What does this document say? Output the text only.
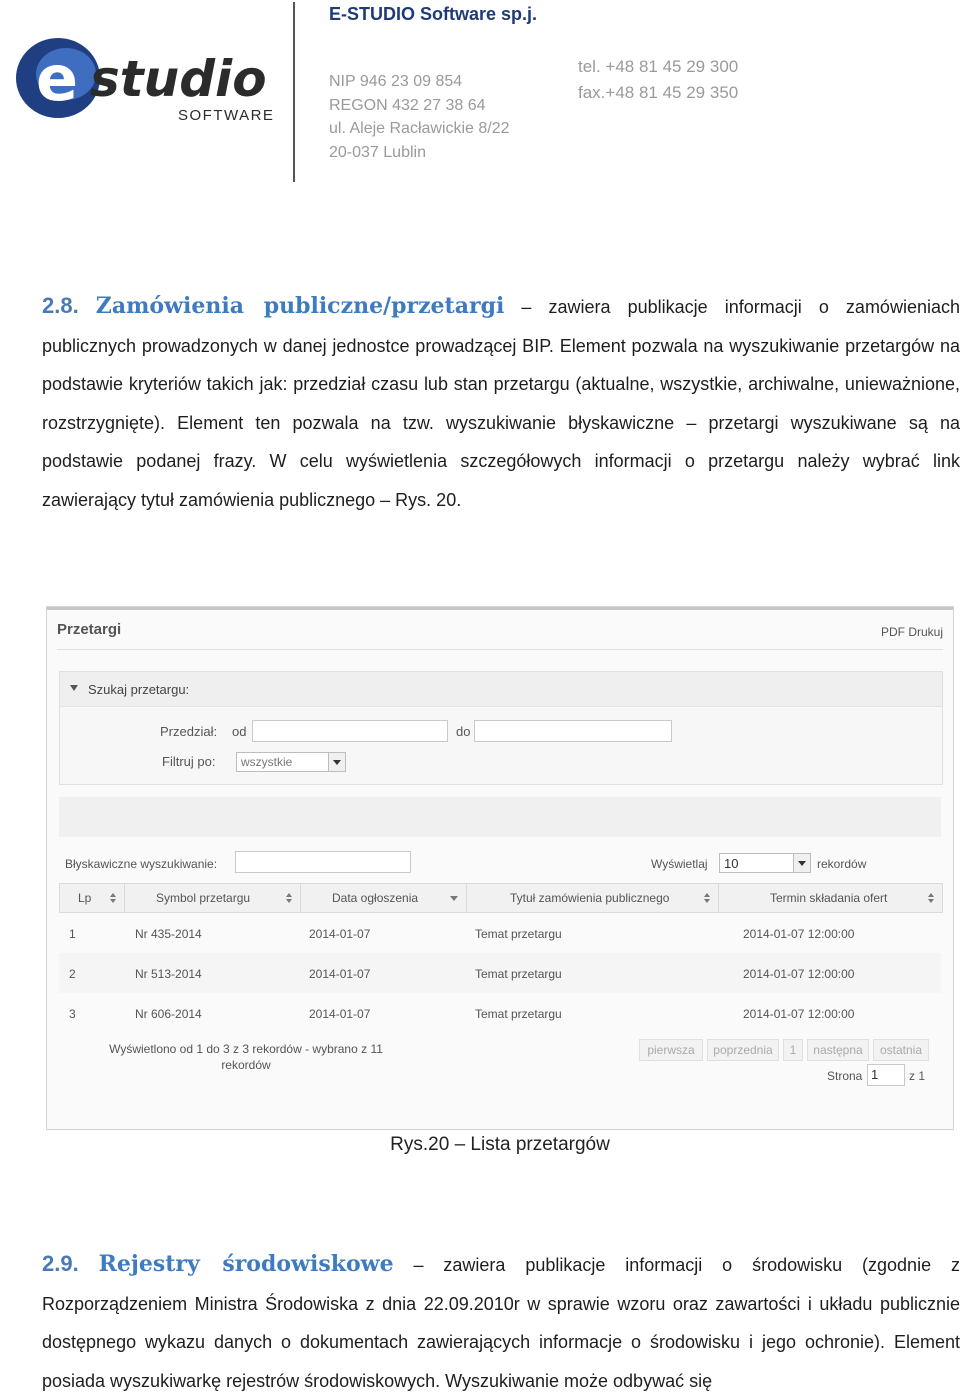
e studio
SOFTWARE
E-STUDIO Software sp.j.
NIP 946 23 09 854
REGON 432 27 38 64
ul. Aleje Racławickie 8/22
20-037 Lublin
tel. +48 81 45 29 300
fax.+48 81 45 29 350
2.8. Zamówienia publiczne/przetargi – zawiera publikacje informacji o zamówieniach publicznych prowadzonych w danej jednostce prowadzącej BIP. Element pozwala na wyszukiwanie przetargów na podstawie kryteriów takich jak: przedział czasu lub stan przetargu (aktualne, wszystkie, archiwalne, unieważnione, rozstrzygnięte). Element ten pozwala na tzw. wyszukiwanie błyskawiczne – przetargi wyszukiwane są na podstawie podanej frazy. W celu wyświetlenia szczegółowych informacji o przetargu należy wybrać link zawierający tytuł zamówienia publicznego – Rys. 20.
Przetargi	PDF Drukuj
Szukaj przetargu:
Przedział: od	do
Filtruj po: wszystkie
Błyskawiczne wyszukiwanie:	Wyświetlaj 10	rekordów
Lp	Symbol przetargu	Data ogłoszenia	Tytuł zamówienia publicznego	Termin składania ofert
1	Nr 435-2014	2014-01-07	Temat przetargu	2014-01-07 12:00:00
2	Nr 513-2014	2014-01-07	Temat przetargu	2014-01-07 12:00:00
3	Nr 606-2014	2014-01-07	Temat przetargu	2014-01-07 12:00:00
Wyświetlono od 1 do 3 z 3 rekordów - wybrano z 11 rekordów
pierwsza	poprzednia	1	następna	ostatnia
Strona 1	z 1
Rys.20 – Lista przetargów
2.9. Rejestry środowiskowe – zawiera publikacje informacji o środowisku (zgodnie z Rozporządzeniem Ministra Środowiska z dnia 22.09.2010r w sprawie wzoru oraz zawartości i układu publicznie dostępnego wykazu danych o dokumentach zawierających informacje o środowisku i jego ochronie). Element posiada wyszukiwarkę rejestrów środowiskowych. Wyszukiwanie może odbywać się
